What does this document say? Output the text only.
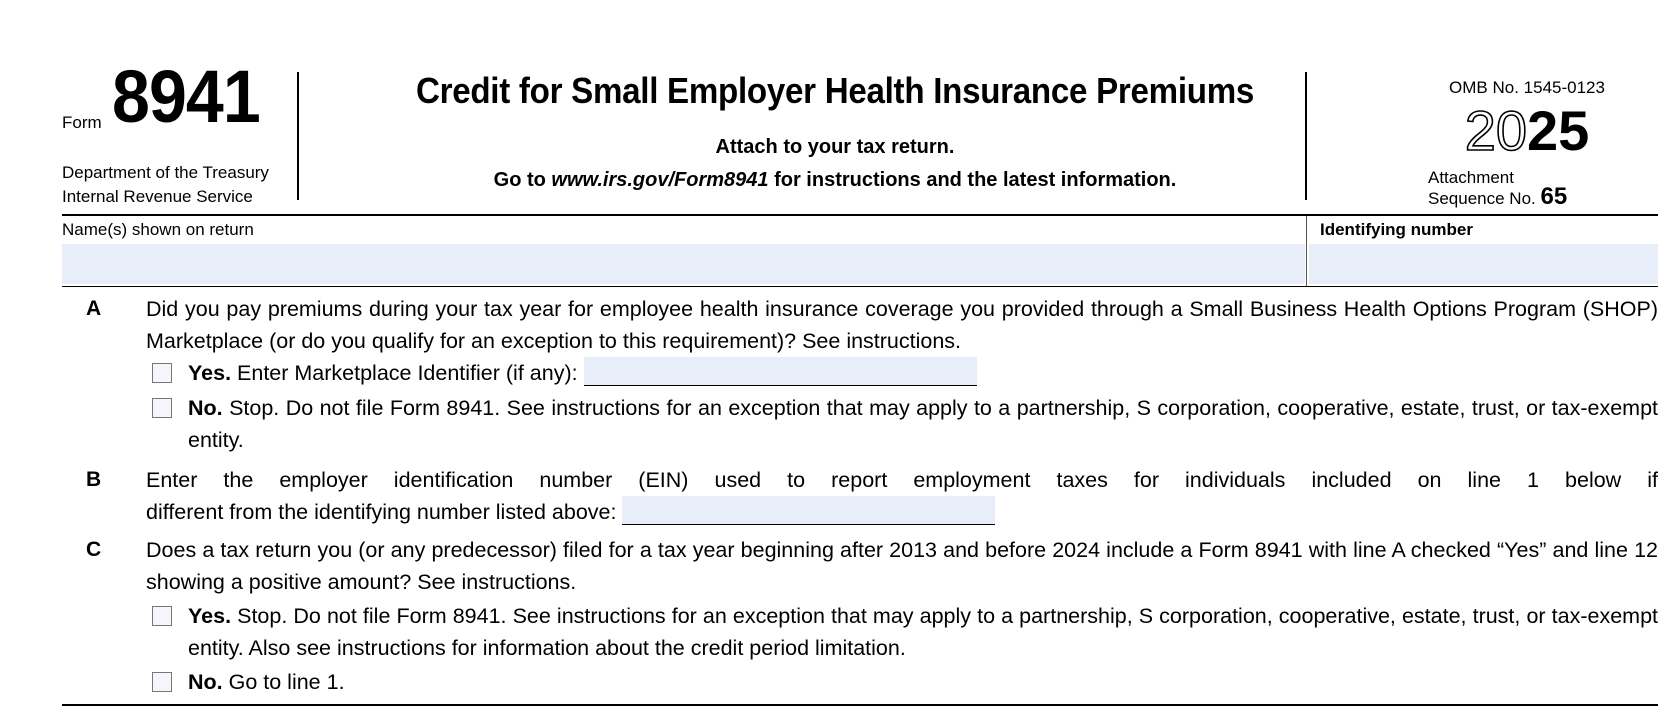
Form 8941
Department of the Treasury
Internal Revenue Service
Credit for Small Employer Health Insurance Premiums
Attach to your tax return.
Go to www.irs.gov/Form8941 for instructions and the latest information.
OMB No. 1545-0123
2025
Attachment
Sequence No. 65
Name(s) shown on return	Identifying number
A Did you pay premiums during your tax year for employee health insurance coverage you provided through a Small Business Health Options Program (SHOP) Marketplace (or do you qualify for an exception to this requirement)? See instructions.
Yes. Enter Marketplace Identifier (if any):
No. Stop. Do not file Form 8941. See instructions for an exception that may apply to a partnership, S corporation, cooperative, estate, trust, or tax-exempt entity.
B Enter the employer identification number (EIN) used to report employment taxes for individuals included on line 1 below if
different from the identifying number listed above:
C Does a tax return you (or any predecessor) filed for a tax year beginning after 2013 and before 2024 include a Form 8941 with line A checked “Yes” and line 12 showing a positive amount? See instructions.
Yes. Stop. Do not file Form 8941. See instructions for an exception that may apply to a partnership, S corporation, cooperative, estate, trust, or tax-exempt entity. Also see instructions for information about the credit period limitation.
No. Go to line 1.
